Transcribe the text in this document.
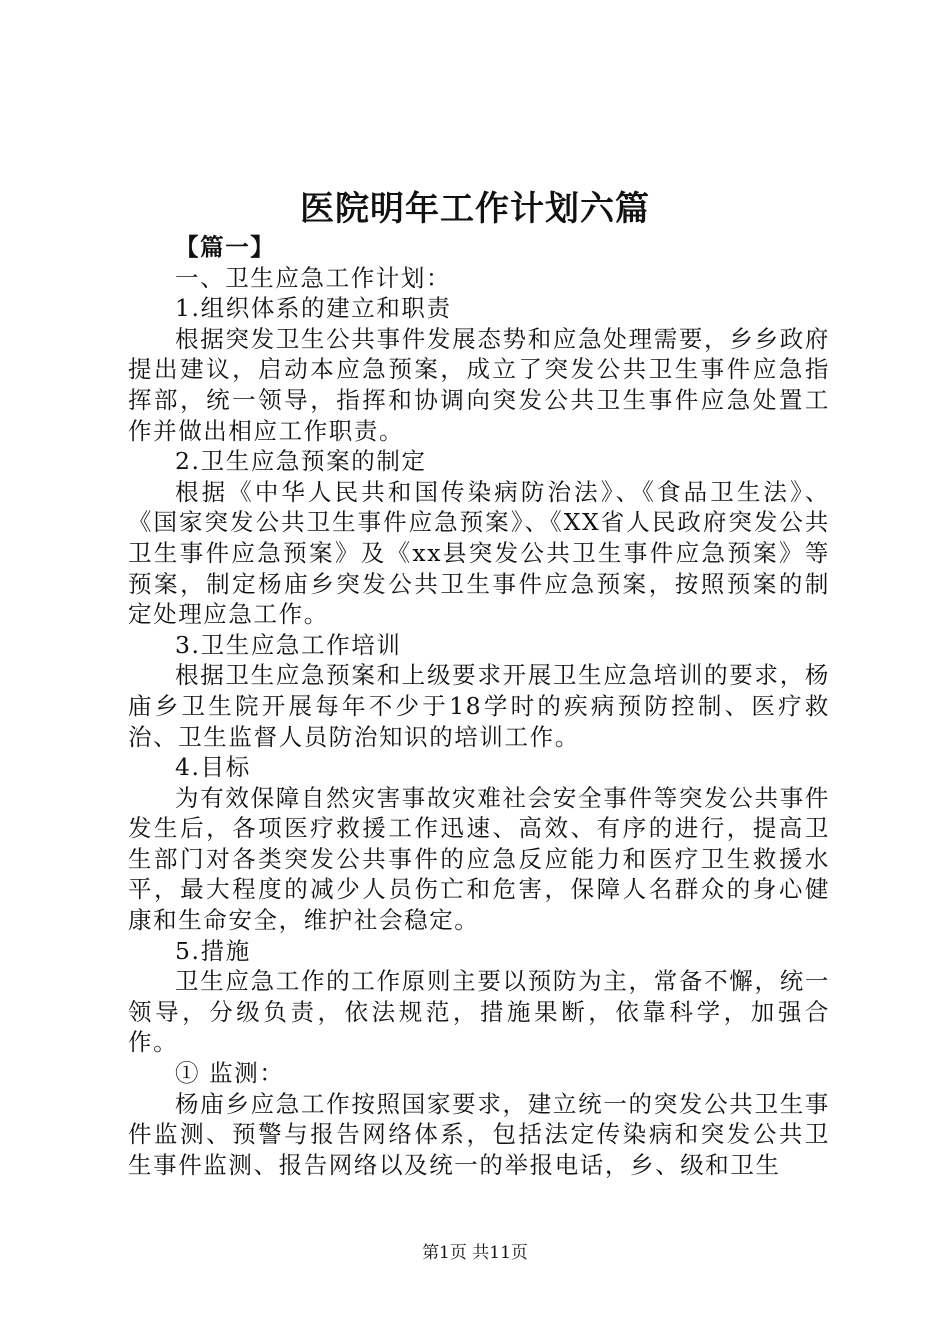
医院明年工作计划六篇

【篇一】

一、卫生应急工作计划：

1.组织体系的建立和职责

根据突发卫生公共事件发展态势和应急处理需要，乡乡政府提出建议，启动本应急预案，成立了突发公共卫生事件应急指挥部，统一领导，指挥和协调向突发公共卫生事件应急处置工作并做出相应工作职责。

2.卫生应急预案的制定

根据《中华人民共和国传染病防治法》、《食品卫生法》、《国家突发公共卫生事件应急预案》、《XX省人民政府突发公共卫生事件应急预案》及《xx县突发公共卫生事件应急预案》等预案，制定杨庙乡突发公共卫生事件应急预案，按照预案的制定处理应急工作。

3.卫生应急工作培训

根据卫生应急预案和上级要求开展卫生应急培训的要求，杨庙乡卫生院开展每年不少于18学时的疾病预防控制、医疗救治、卫生监督人员防治知识的培训工作。

4.目标

为有效保障自然灾害事故灾难社会安全事件等突发公共事件发生后，各项医疗救援工作迅速、高效、有序的进行，提高卫生部门对各类突发公共事件的应急反应能力和医疗卫生救援水平，最大程度的减少人员伤亡和危害，保障人名群众的身心健康和生命安全，维护社会稳定。

5.措施

卫生应急工作的工作原则主要以预防为主，常备不懈，统一领导，分级负责，依法规范，措施果断，依靠科学，加强合作。

① 监测：

杨庙乡应急工作按照国家要求，建立统一的突发公共卫生事件监测、预警与报告网络体系，包括法定传染病和突发公共卫生事件监测、报告网络以及统一的举报电话，乡、级和卫生

第1页 共11页
